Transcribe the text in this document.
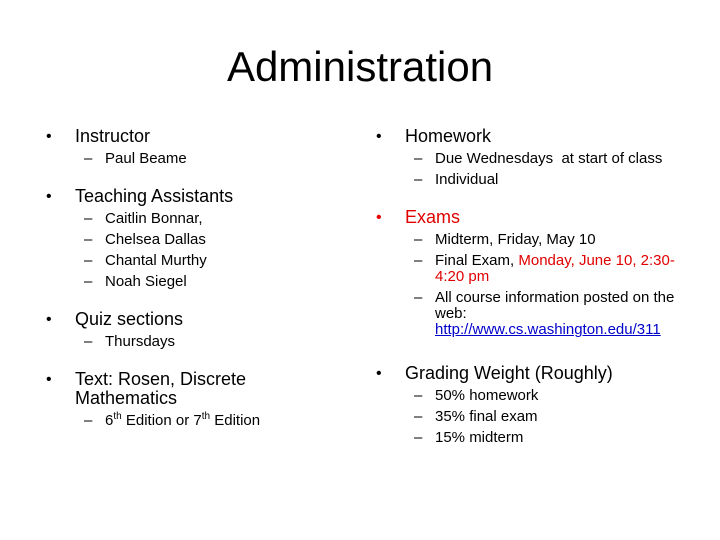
Administration
• Instructor
– Paul Beame
• Teaching Assistants
– Caitlin Bonnar,
– Chelsea Dallas
– Chantal Murthy
– Noah Siegel
• Quiz sections
– Thursdays
• Text: Rosen, Discrete
Mathematics
– 6th Edition or 7th Edition
• Homework
– Due Wednesdays  at start of class
– Individual
• Exams
– Midterm, Friday, May 10
– Final Exam, Monday, June 10, 2:30-4:20 pm
– All course information posted on the web: http://www.cs.washington.edu/311
• Grading Weight (Roughly)
– 50% homework
– 35% final exam
– 15% midterm
